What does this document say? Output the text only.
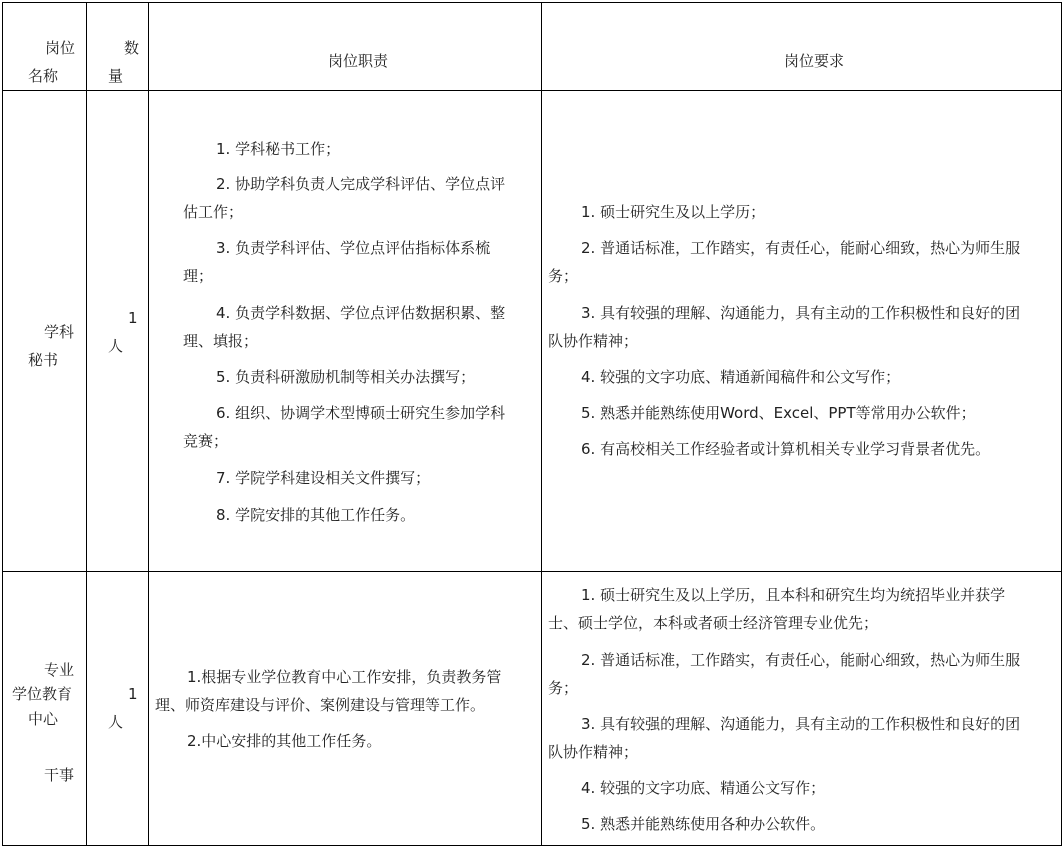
岗位
名称
数
量
岗位职责	岗位要求
学科
秘书
1
人
1. 学科秘书工作；
2. 协助学科负责人完成学科评估、学位点评
估工作；
3. 负责学科评估、学位点评估指标体系梳
理；
4. 负责学科数据、学位点评估数据积累、整
理、填报；
5. 负责科研激励机制等相关办法撰写；
6. 组织、协调学术型博硕士研究生参加学科
竞赛；
7. 学院学科建设相关文件撰写；
8. 学院安排的其他工作任务。
1. 硕士研究生及以上学历；
2. 普通话标准，工作踏实，有责任心，能耐心细致，热心为师生服
务；
3. 具有较强的理解、沟通能力，具有主动的工作积极性和良好的团
队协作精神；
4. 较强的文字功底、精通新闻稿件和公文写作；
5. 熟悉并能熟练使用Word、Excel、PPT等常用办公软件；
6. 有高校相关工作经验者或计算机相关专业学习背景者优先。
专业
学位教育
中心
干事
1
人
1.根据专业学位教育中心工作安排，负责教务管
理、师资库建设与评价、案例建设与管理等工作。
2.中心安排的其他工作任务。
1. 硕士研究生及以上学历，且本科和研究生均为统招毕业并获学
士、硕士学位，本科或者硕士经济管理专业优先；
2. 普通话标准，工作踏实，有责任心，能耐心细致，热心为师生服
务；
3. 具有较强的理解、沟通能力，具有主动的工作积极性和良好的团
队协作精神；
4. 较强的文字功底、精通公文写作；
5. 熟悉并能熟练使用各种办公软件。
